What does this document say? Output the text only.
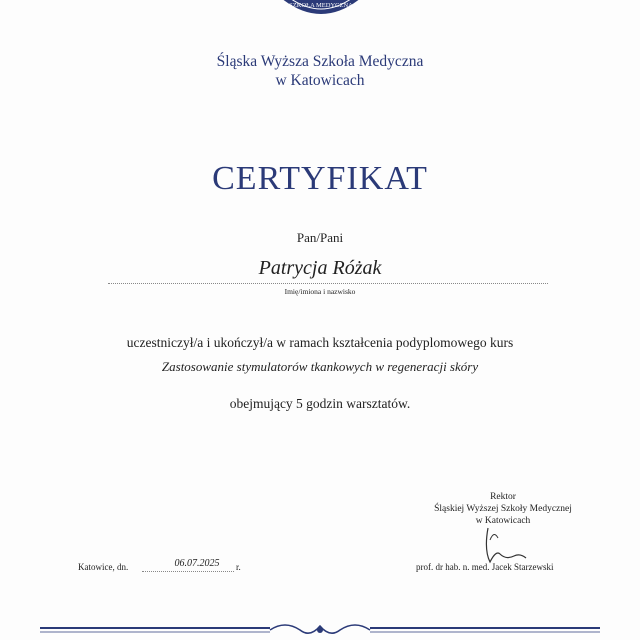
SZKOŁA MEDYCZNA
Śląska Wyższa Szkoła Medyczna
w Katowicach
CERTYFIKAT
Pan/Pani
Patrycja Różak
Imię/imiona i nazwisko
uczestniczył/a i ukończył/a w ramach kształcenia podyplomowego kurs
Zastosowanie stymulatorów tkankowych w regeneracji skóry
obejmujący 5 godzin warsztatów.
Rektor
Śląskiej Wyższej Szkoły Medycznej
w Katowicach
Katowice, dn.	06.07.2025	r.	prof. dr hab. n. med. Jacek Starzewski
